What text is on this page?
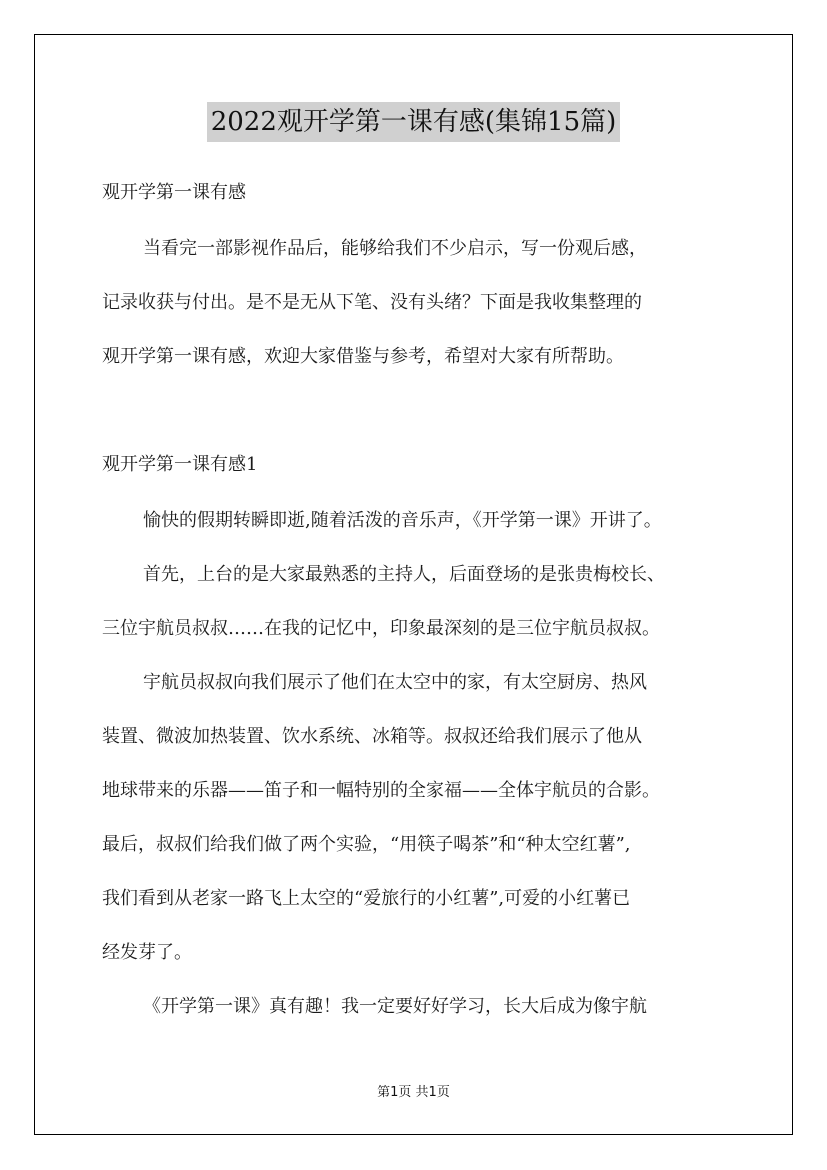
2022观开学第一课有感(集锦15篇)
观开学第一课有感
当看完一部影视作品后，能够给我们不少启示，写一份观后感，
记录收获与付出。是不是无从下笔、没有头绪？下面是我收集整理的
观开学第一课有感，欢迎大家借鉴与参考，希望对大家有所帮助。
观开学第一课有感1
愉快的假期转瞬即逝,随着活泼的音乐声，《开学第一课》开讲了。
首先，上台的是大家最熟悉的主持人，后面登场的是张贵梅校长、
三位宇航员叔叔……在我的记忆中，印象最深刻的是三位宇航员叔叔。
宇航员叔叔向我们展示了他们在太空中的家，有太空厨房、热风
装置、微波加热装置、饮水系统、冰箱等。叔叔还给我们展示了他从
地球带来的乐器——笛子和一幅特别的全家福——全体宇航员的合影。
最后，叔叔们给我们做了两个实验，“用筷子喝茶”和“种太空红薯”,
我们看到从老家一路飞上太空的“爱旅行的小红薯”,可爱的小红薯已
经发芽了。
《开学第一课》真有趣！我一定要好好学习，长大后成为像宇航
第1页 共1页
